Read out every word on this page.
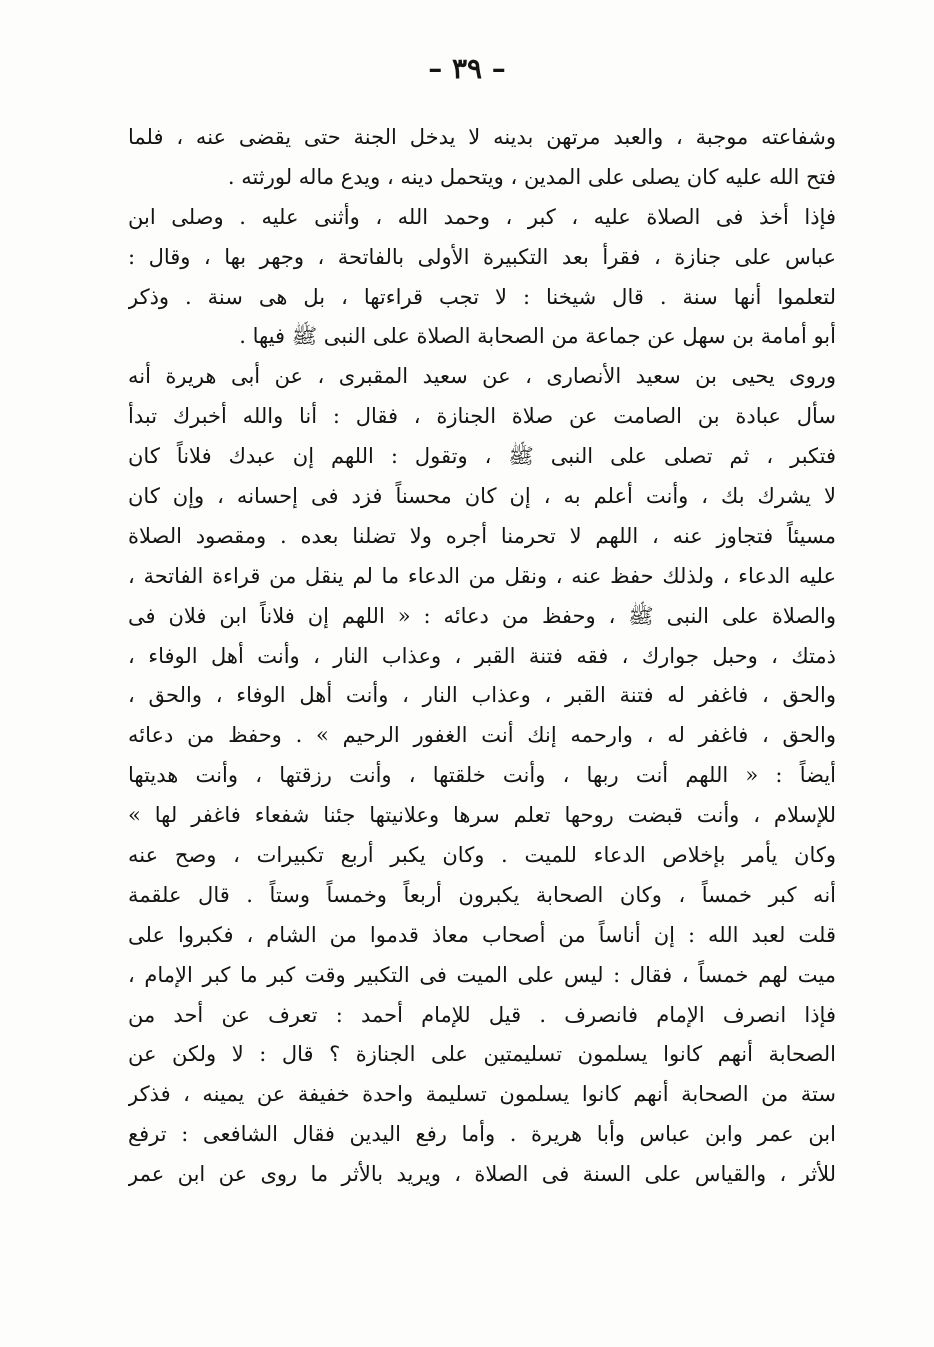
– ٣٩ –
وشفاعته موجبة ، والعبد مرتهن بدينه لا يدخل الجنة حتى يقضى عنه ، فلما
فتح الله عليه كان يصلى على المدين ، ويتحمل دينه ، ويدع ماله لورثته .
فإذا أخذ فى الصلاة عليه ، كبر ، وحمد الله ، وأثنى عليه . وصلى ابن
عباس على جنازة ، فقرأ بعد التكبيرة الأولى بالفاتحة ، وجهر بها ، وقال :
لتعلموا أنها سنة . قال شيخنا : لا تجب قراءتها ، بل هى سنة . وذكر
أبو أمامة بن سهل عن جماعة من الصحابة الصلاة على النبى ﷺ فيها .
وروى يحيى بن سعيد الأنصارى ، عن سعيد المقبرى ، عن أبى هريرة أنه
سأل عبادة بن الصامت عن صلاة الجنازة ، فقال : أنا والله أخبرك تبدأ
فتكبر ، ثم تصلى على النبى ﷺ ، وتقول : اللهم إن عبدك فلاناً كان
لا يشرك بك ، وأنت أعلم به ، إن كان محسناً فزد فى إحسانه ، وإن كان
مسيئاً فتجاوز عنه ، اللهم لا تحرمنا أجره ولا تضلنا بعده . ومقصود الصلاة
عليه الدعاء ، ولذلك حفظ عنه ، ونقل من الدعاء ما لم ينقل من قراءة الفاتحة ،
والصلاة على النبى ﷺ ، وحفظ من دعائه : « اللهم إن فلاناً ابن فلان فى
ذمتك ، وحبل جوارك ، فقه فتنة القبر ، وعذاب النار ، وأنت أهل الوفاء ،
والحق ، فاغفر له فتنة القبر ، وعذاب النار ، وأنت أهل الوفاء ، والحق ،
والحق ، فاغفر له ، وارحمه إنك أنت الغفور الرحيم » . وحفظ من دعائه
أيضاً : « اللهم أنت ربها ، وأنت خلقتها ، وأنت رزقتها ، وأنت هديتها
للإسلام ، وأنت قبضت روحها تعلم سرها وعلانيتها جئنا شفعاء فاغفر لها »
وكان يأمر بإخلاص الدعاء للميت . وكان يكبر أربع تكبيرات ، وصح عنه
أنه كبر خمساً ، وكان الصحابة يكبرون أربعاً وخمساً وستاً . قال علقمة
قلت لعبد الله : إن أناساً من أصحاب معاذ قدموا من الشام ، فكبروا على
ميت لهم خمساً ، فقال : ليس على الميت فى التكبير وقت كبر ما كبر الإمام ،
فإذا انصرف الإمام فانصرف . قيل للإمام أحمد : تعرف عن أحد من
الصحابة أنهم كانوا يسلمون تسليمتين على الجنازة ؟ قال : لا ولكن عن
ستة من الصحابة أنهم كانوا يسلمون تسليمة واحدة خفيفة عن يمينه ، فذكر
ابن عمر وابن عباس وأبا هريرة . وأما رفع اليدين فقال الشافعى : ترفع
للأثر ، والقياس على السنة فى الصلاة ، ويريد بالأثر ما روى عن ابن عمر
